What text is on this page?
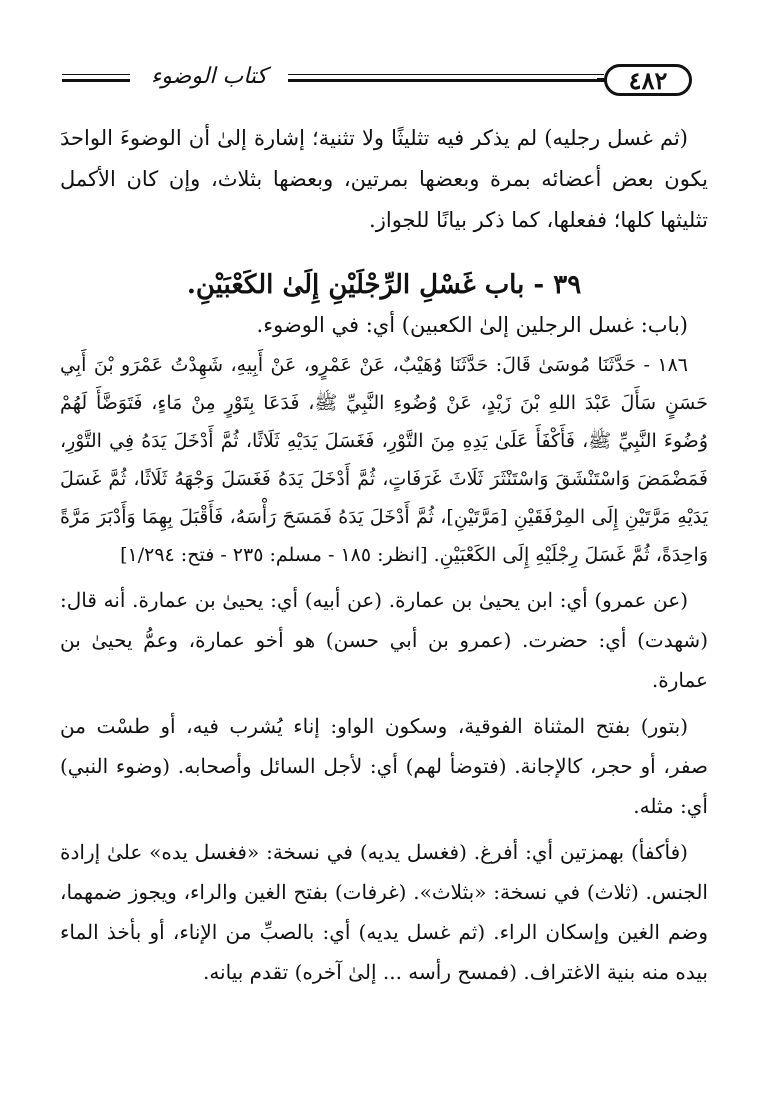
كتاب الوضوء	٤٨٢

(ثم غسل رجليه) لم يذكر فيه تثليثًا ولا تثنية؛ إشارة إلىٰ أن الوضوءَ الواحدَ يكون بعض أعضائه بمرة وبعضها بمرتين، وبعضها بثلاث، وإن كان الأكمل تثليثها كلها؛ ففعلها، كما ذكر بيانًا للجواز.

٣٩ - باب غَسْلِ الرِّجْلَيْنِ إِلَىٰ الكَعْبَيْنِ.

(باب: غسل الرجلين إلىٰ الكعبين) أي: في الوضوء.

١٨٦ - حَدَّثَنَا مُوسَىٰ قَالَ: حَدَّثَنَا وُهَيْبٌ، عَنْ عَمْرٍو، عَنْ أَبِيهِ، شَهِدْتُ عَمْرَو بْنَ أَبِي حَسَنٍ سَأَلَ عَبْدَ اللهِ بْنَ زَيْدٍ، عَنْ وُضُوءِ النَّبِيِّ ﷺ، فَدَعَا بِتَوْرٍ مِنْ مَاءٍ، فَتَوَضَّأَ لَهُمْ وُضُوءَ النَّبِيِّ ﷺ، فَأَكْفَأَ عَلَىٰ يَدِهِ مِنَ التَّوْرِ، فَغَسَلَ يَدَيْهِ ثَلَاثًا، ثُمَّ أَدْخَلَ يَدَهُ فِي التَّوْرِ، فَمَضْمَضَ وَاسْتَنْشَقَ وَاسْتَنْثَرَ ثَلَاثَ غَرَفَاتٍ، ثُمَّ أَدْخَلَ يَدَهُ فَغَسَلَ وَجْهَهُ ثَلَاثًا، ثُمَّ غَسَلَ يَدَيْهِ مَرَّتَيْنِ إِلَى المِرْفَقَيْنِ [مَرَّتَيْنِ]، ثُمَّ أَدْخَلَ يَدَهُ فَمَسَحَ رَأْسَهُ، فَأَقْبَلَ بِهِمَا وَأَدْبَرَ مَرَّةً وَاحِدَةً، ثُمَّ غَسَلَ رِجْلَيْهِ إِلَى الكَعْبَيْنِ. [انظر: ١٨٥ - مسلم: ٢٣٥ - فتح: ١/٢٩٤]

(عن عمرو) أي: ابن يحيىٰ بن عمارة. (عن أبيه) أي: يحيىٰ بن عمارة. أنه قال: (شهدت) أي: حضرت. (عمرو بن أبي حسن) هو أخو عمارة، وعمُّ يحيىٰ بن عمارة.

(بتور) بفتح المثناة الفوقية، وسكون الواو: إناء يُشرب فيه، أو طسْت من صفر، أو حجر، كالإجانة. (فتوضأ لهم) أي: لأجل السائل وأصحابه. (وضوء النبي) أي: مثله.

(فأكفأ) بهمزتين أي: أفرغ. (فغسل يديه) في نسخة: «فغسل يده» علىٰ إرادة الجنس. (ثلاث) في نسخة: «بثلاث». (غرفات) بفتح الغين والراء، ويجوز ضمهما، وضم الغين وإسكان الراء. (ثم غسل يديه) أي: بالصبِّ من الإناء، أو بأخذ الماء بيده منه بنية الاغتراف. (فمسح رأسه ... إلىٰ آخره) تقدم بيانه.
